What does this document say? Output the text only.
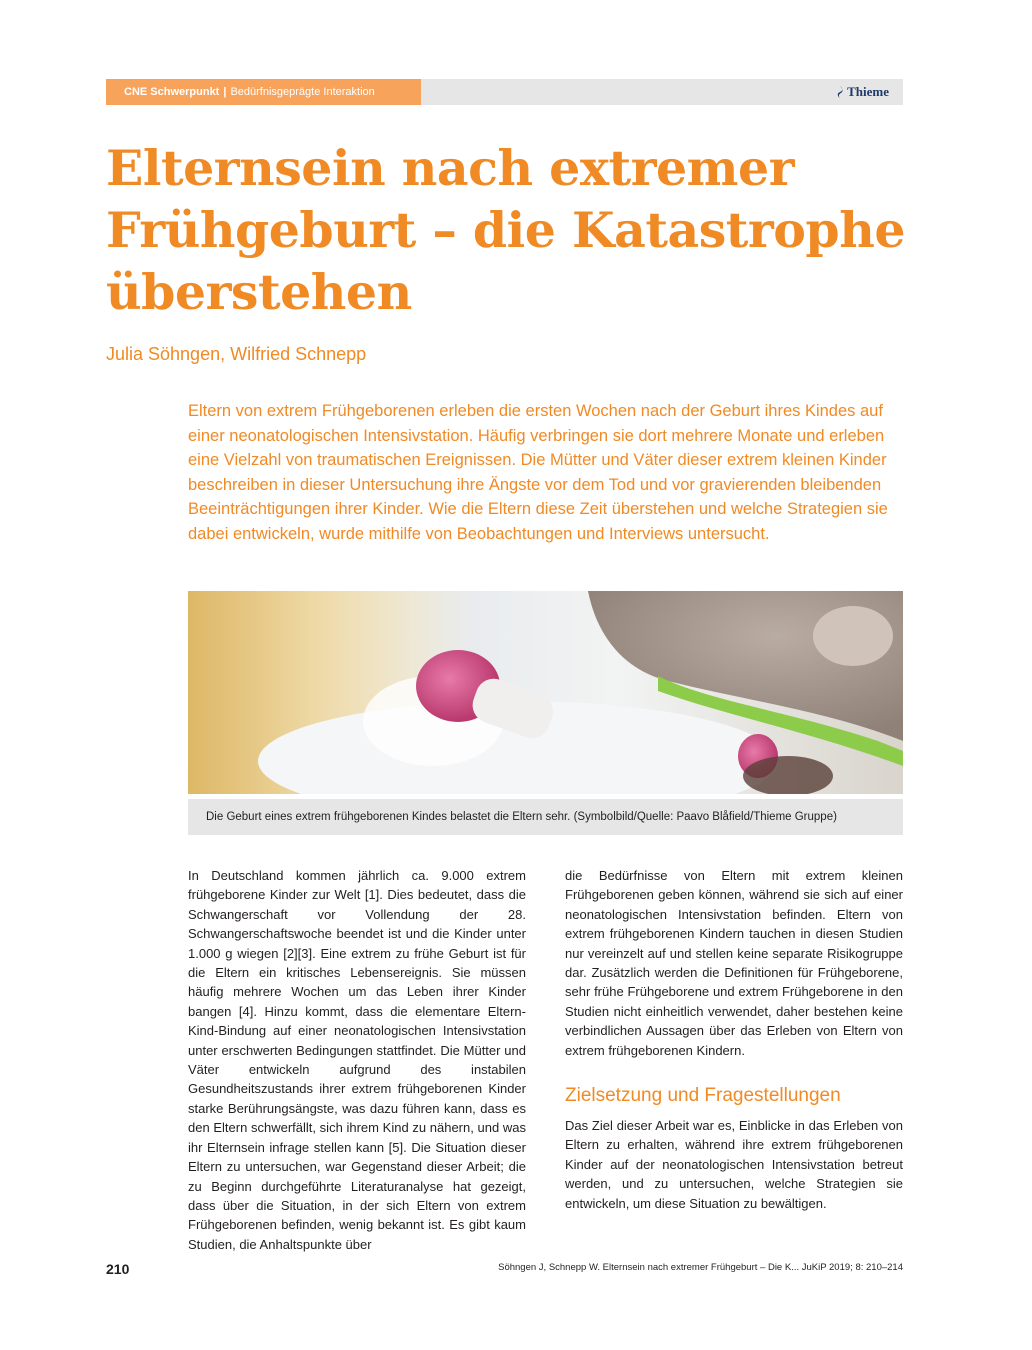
CNE Schwerpunkt | Bedürfnisgeprägte Interaktion	Thieme
Elternsein nach extremer Frühgeburt – die Katastrophe überstehen

Julia Söhngen, Wilfried Schnepp

Eltern von extrem Frühgeborenen erleben die ersten Wochen nach der Geburt ihres Kindes auf einer neonatologischen Intensivstation. Häufig verbringen sie dort mehrere Monate und erleben eine Vielzahl von traumatischen Ereignissen. Die Mütter und Väter dieser extrem kleinen Kinder beschreiben in dieser Untersuchung ihre Ängste vor dem Tod und vor gravierenden bleibenden Beeinträchtigungen ihrer Kinder. Wie die Eltern diese Zeit überstehen und welche Strategien sie dabei entwickeln, wurde mithilfe von Beobachtungen und Interviews untersucht.

Die Geburt eines extrem frühgeborenen Kindes belastet die Eltern sehr. (Symbolbild/Quelle: Paavo Blåfield/Thieme Gruppe)

In Deutschland kommen jährlich ca. 9.000 extrem frühgeborene Kinder zur Welt [1]. Dies bedeutet, dass die Schwangerschaft vor Vollendung der 28. Schwangerschaftswoche beendet ist und die Kinder unter 1.000 g wiegen [2][3]. Eine extrem zu frühe Geburt ist für die Eltern ein kritisches Lebensereignis. Sie müssen häufig mehrere Wochen um das Leben ihrer Kinder bangen [4]. Hinzu kommt, dass die elementare Eltern-Kind-Bindung auf einer neonatologischen Intensivstation unter erschwerten Bedingungen stattfindet. Die Mütter und Väter entwickeln aufgrund des instabilen Gesundheitszustands ihrer extrem frühgeborenen Kinder starke Berührungsängste, was dazu führen kann, dass es den Eltern schwerfällt, sich ihrem Kind zu nähern, und was ihr Elternsein infrage stellen kann [5]. Die Situation dieser Eltern zu untersuchen, war Gegenstand dieser Arbeit; die zu Beginn durchgeführte Literaturanalyse hat gezeigt, dass über die Situation, in der sich Eltern von extrem Frühgeborenen befinden, wenig bekannt ist. Es gibt kaum Studien, die Anhaltspunkte über

die Bedürfnisse von Eltern mit extrem kleinen Frühgeborenen geben können, während sie sich auf einer neonatologischen Intensivstation befinden. Eltern von extrem frühgeborenen Kindern tauchen in diesen Studien nur vereinzelt auf und stellen keine separate Risikogruppe dar. Zusätzlich werden die Definitionen für Frühgeborene, sehr frühe Frühgeborene und extrem Frühgeborene in den Studien nicht einheitlich verwendet, daher bestehen keine verbindlichen Aussagen über das Erleben von Eltern von extrem frühgeborenen Kindern.

Zielsetzung und Fragestellungen

Das Ziel dieser Arbeit war es, Einblicke in das Erleben von Eltern zu erhalten, während ihre extrem frühgeborenen Kinder auf der neonatologischen Intensivstation betreut werden, und zu untersuchen, welche Strategien sie entwickeln, um diese Situation zu bewältigen.

210	Söhngen J, Schnepp W. Elternsein nach extremer Frühgeburt – Die K... JuKiP 2019; 8: 210–214
